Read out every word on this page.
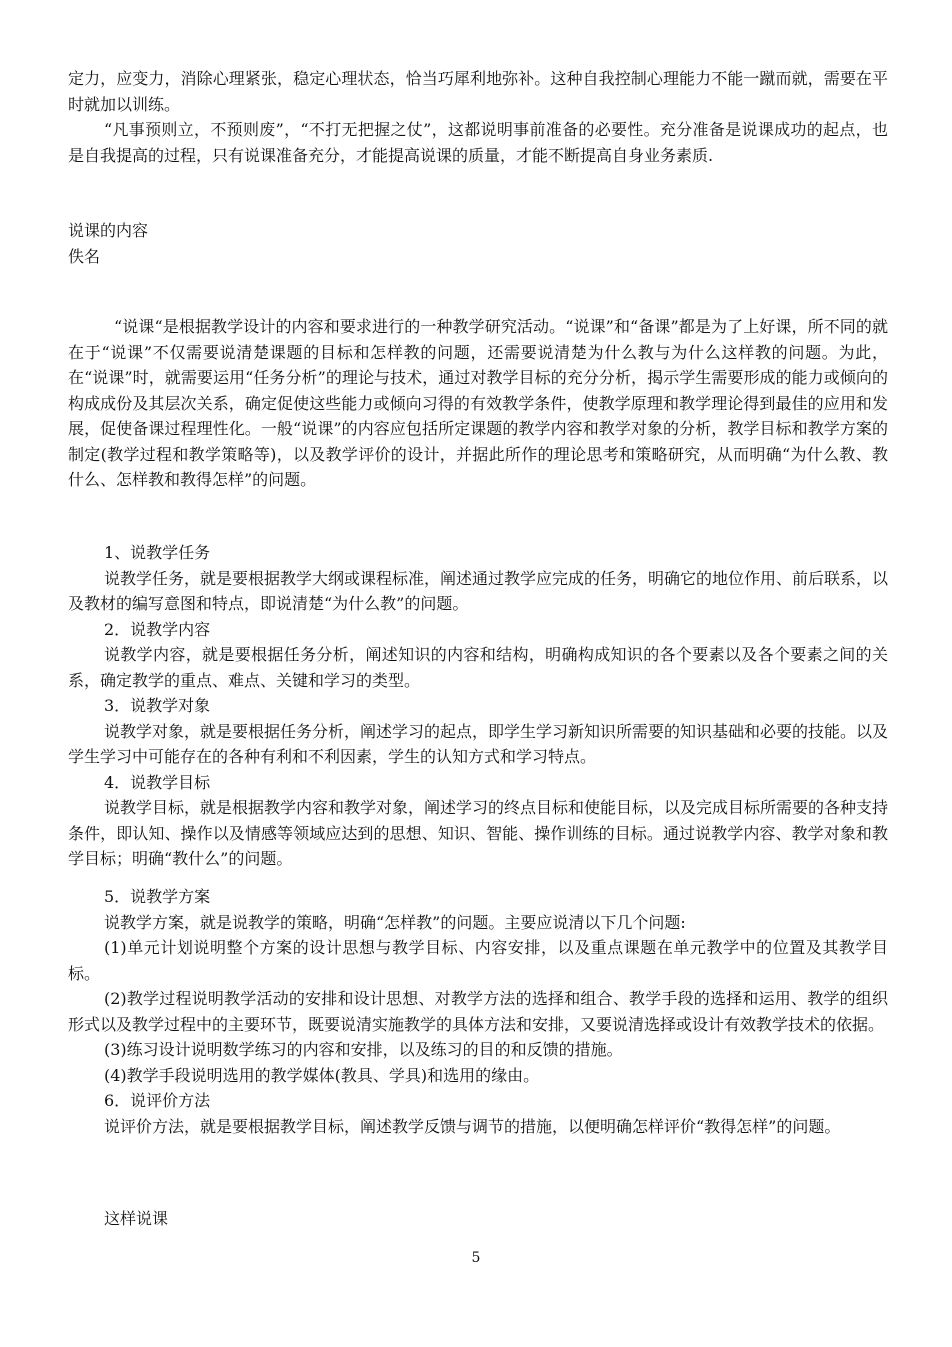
定力，应变力，消除心理紧张，稳定心理状态，恰当巧犀利地弥补。这种自我控制心理能力不能一蹴而就，需要在平时就加以训练。

“凡事预则立，不预则废”，“不打无把握之仗”，这都说明事前准备的必要性。充分准备是说课成功的起点，也是自我提高的过程，只有说课准备充分，才能提高说课的质量，才能不断提高自身业务素质.

说课的内容

佚名

“说课“是根据教学设计的内容和要求进行的一种教学研究活动。“说课”和“备课”都是为了上好课，所不同的就在于“说课”不仅需要说清楚课题的目标和怎样教的问题，还需要说清楚为什么教与为什么这样教的问题。为此，在“说课”时，就需要运用“任务分析”的理论与技术，通过对教学目标的充分分析，揭示学生需要形成的能力或倾向的构成成份及其层次关系，确定促使这些能力或倾向习得的有效教学条件，使教学原理和教学理论得到最佳的应用和发展，促使备课过程理性化。一般“说课”的内容应包括所定课题的教学内容和教学对象的分析，教学目标和教学方案的制定(教学过程和教学策略等)，以及教学评价的设计，并据此所作的理论思考和策略研究，从而明确“为什么教、教什么、怎样教和教得怎样”的问题。

1、说教学任务

说教学任务，就是要根据教学大纲或课程标准，阐述通过教学应完成的任务，明确它的地位作用、前后联系，以及教材的编写意图和特点，即说清楚“为什么教”的问题。

2．说教学内容

说教学内容，就是要根据任务分析，阐述知识的内容和结构，明确构成知识的各个要素以及各个要素之间的关系，确定教学的重点、难点、关键和学习的类型。

3．说教学对象

说教学对象，就是要根据任务分析，阐述学习的起点，即学生学习新知识所需要的知识基础和必要的技能。以及学生学习中可能存在的各种有利和不利因素，学生的认知方式和学习特点。

4．说教学目标

说教学目标，就是根据教学内容和教学对象，阐述学习的终点目标和使能目标，以及完成目标所需要的各种支持条件，即认知、操作以及情感等领域应达到的思想、知识、智能、操作训练的目标。通过说教学内容、教学对象和教学目标；明确“教什么”的问题。

5．说教学方案

说教学方案，就是说教学的策略，明确“怎样教”的问题。主要应说清以下几个问题:

(1)单元计划说明整个方案的设计思想与教学目标、内容安排，以及重点课题在单元教学中的位置及其教学目标。

(2)教学过程说明教学活动的安排和设计思想、对教学方法的选择和组合、教学手段的选择和运用、教学的组织形式以及教学过程中的主要环节，既要说清实施教学的具体方法和安排，又要说清选择或设计有效教学技术的依据。

(3)练习设计说明数学练习的内容和安排，以及练习的目的和反馈的措施。

(4)教学手段说明选用的教学媒体(教具、学具)和选用的缘由。

6．说评价方法

说评价方法，就是要根据教学目标，阐述教学反馈与调节的措施，以便明确怎样评价“教得怎样”的问题。

这样说课

5
